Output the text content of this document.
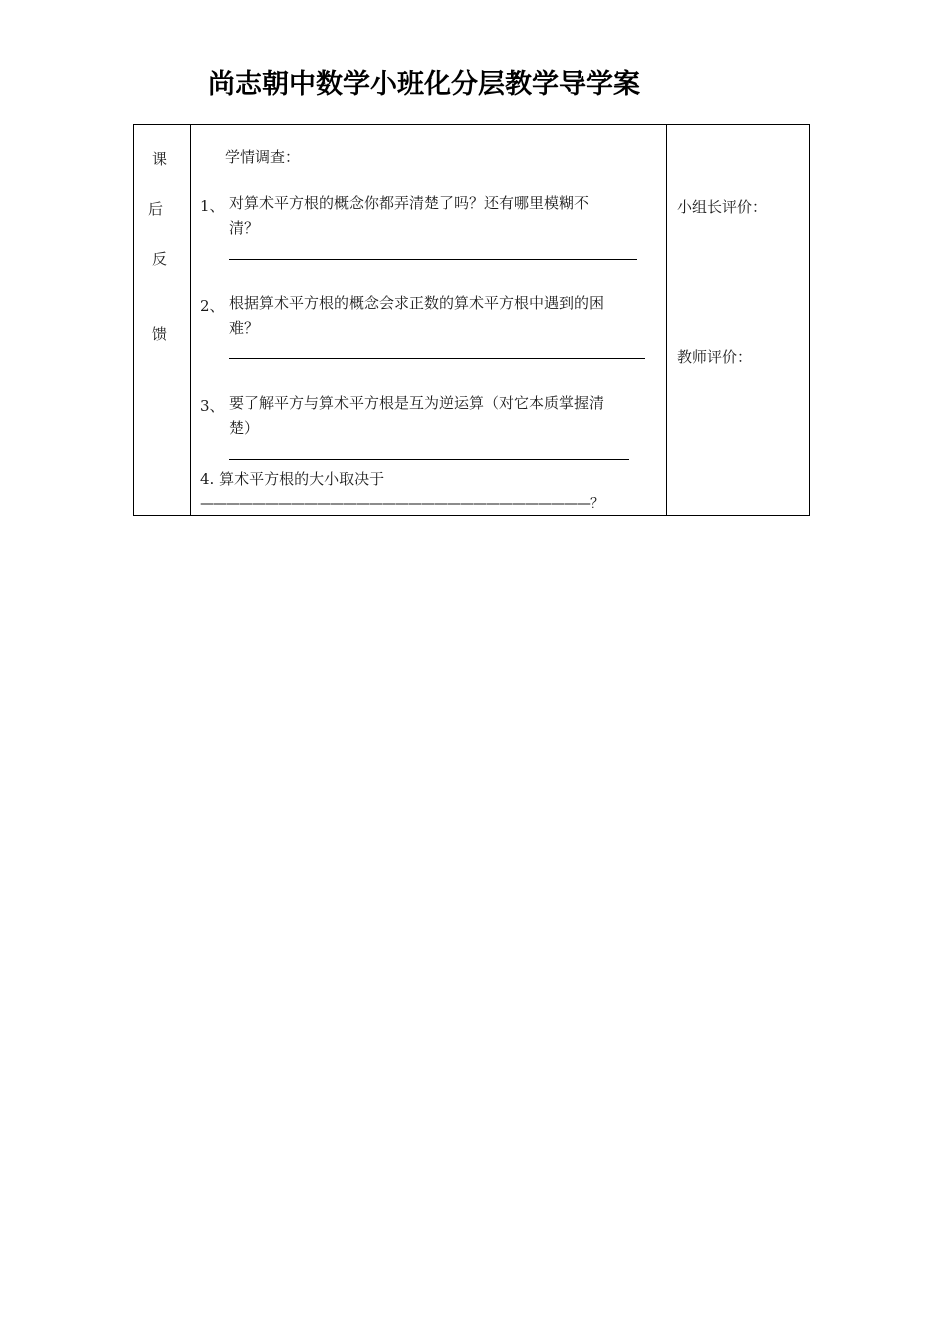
尚志朝中数学小班化分层教学导学案
课
后
反
馈

学情调查：
1、 对算术平方根的概念你都弄清楚了吗？还有哪里模糊不
清？
2、 根据算术平方根的概念会求正数的算术平方根中遇到的困
难？
3、 要了解平方与算术平方根是互为逆运算（对它本质掌握清
楚）
4. 算术平方根的大小取决于
——————————————————————————————？

小组长评价：
教师评价：
